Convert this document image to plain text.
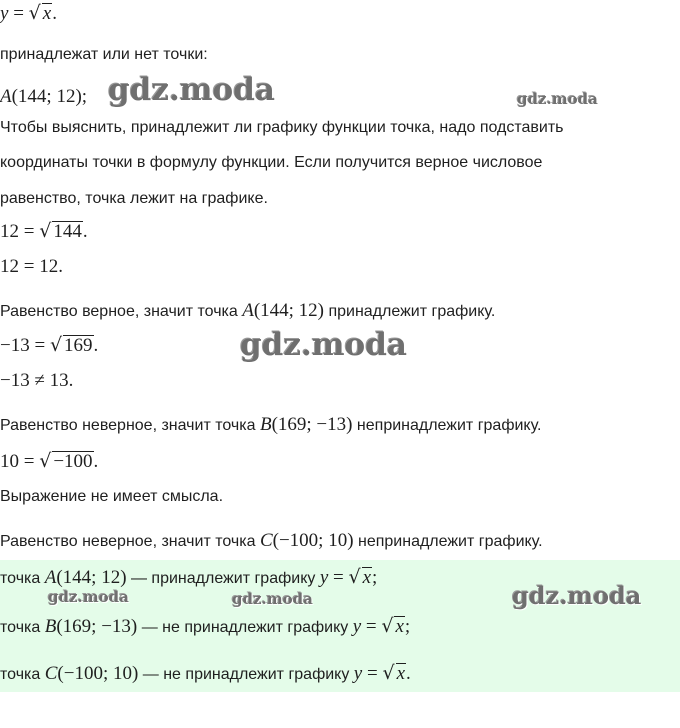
y = √ x.
принадлежат или нет точки:
A(144; 12);
Чтобы выяснить, принадлежит ли графику функции точка, надо подставить
координаты точки в формулу функции. Если получится верное числовое
равенство, точка лежит на графике.
12 = √ 144.
12 = 12.
Равенство верное, значит точка A(144; 12) принадлежит графику.
−13 = √ 169.
−13 ≠ 13.
Равенство неверное, значит точка B(169; −13) непринадлежит графику.
10 = √ −100.
Выражение не имеет смысла.
Равенство неверное, значит точка C(−100; 10) непринадлежит графику.
точка A(144; 12) — принадлежит графику y = √ x;
точка B(169; −13) — не принадлежит графику y = √ x;
точка C(−100; 10) — не принадлежит графику y = √ x.
gdz.moda	gdz.moda
gdz.moda
gdz.moda	gdz.moda	gdz.moda
